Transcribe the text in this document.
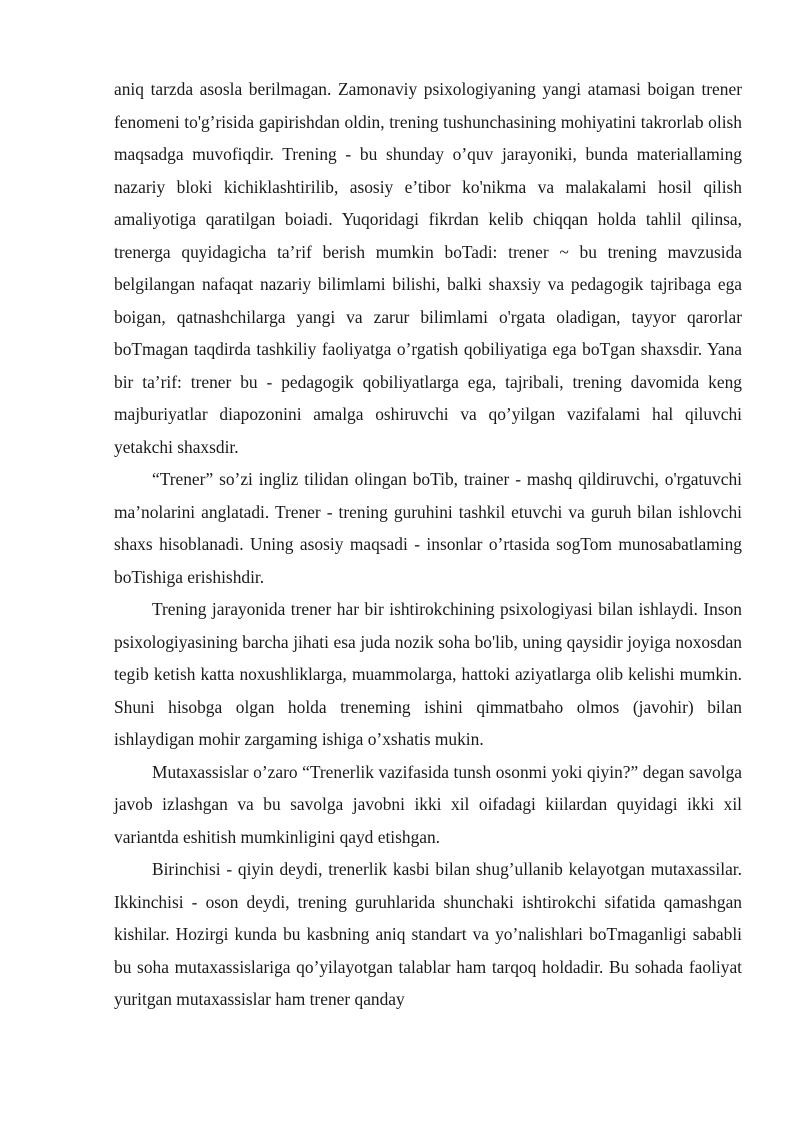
aniq tarzda asosla berilmagan. Zamonaviy psixologiyaning yangi atamasi boigan trener fenomeni to'g’risida gapirishdan oldin, trening tushunchasining mohiyatini takrorlab olish maqsadga muvofiqdir. Trening - bu shunday o’quv jarayoniki, bunda materiallaming nazariy bloki kichiklashtirilib, asosiy e’tibor ko'nikma va malakalami hosil qilish amaliyotiga qaratilgan boiadi. Yuqoridagi fikrdan kelib chiqqan holda tahlil qilinsa, trenerga quyidagicha ta’rif berish mumkin boTadi: trener ~ bu trening mavzusida belgilangan nafaqat nazariy bilimlami bilishi, balki shaxsiy va pedagogik tajribaga ega boigan, qatnashchilarga yangi va zarur bilimlami o'rgata oladigan, tayyor qarorlar boTmagan taqdirda tashkiliy faoliyatga o’rgatish qobiliyatiga ega boTgan shaxsdir. Yana bir ta’rif: trener bu - pedagogik qobiliyatlarga ega, tajribali, trening davomida keng majburiyatlar diapozonini amalga oshiruvchi va qo’yilgan vazifalami hal qiluvchi yetakchi shaxsdir.

“Trener” so’zi ingliz tilidan olingan boTib, trainer - mashq qildiruvchi, o'rgatuvchi ma’nolarini anglatadi. Trener - trening guruhini tashkil etuvchi va guruh bilan ishlovchi shaxs hisoblanadi. Uning asosiy maqsadi - insonlar o’rtasida sogTom munosabatlaming boTishiga erishishdir.

Trening jarayonida trener har bir ishtirokchining psixologiyasi bilan ishlaydi. Inson psixologiyasining barcha jihati esa juda nozik soha bo'lib, uning qaysidir joyiga noxosdan tegib ketish katta noxushliklarga, muammolarga, hattoki aziyatlarga olib kelishi mumkin. Shuni hisobga olgan holda treneming ishini qimmatbaho olmos (javohir) bilan ishlaydigan mohir zargaming ishiga o’xshatis mukin.

Mutaxassislar o’zaro “Trenerlik vazifasida tunsh osonmi yoki qiyin?” degan savolga javob izlashgan va bu savolga javobni ikki xil oifadagi kiilardan quyidagi ikki xil variantda eshitish mumkinligini qayd etishgan.

Birinchisi - qiyin deydi, trenerlik kasbi bilan shug’ullanib kelayotgan mutaxassilar. Ikkinchisi - oson deydi, trening guruhlarida shunchaki ishtirokchi sifatida qamashgan kishilar. Hozirgi kunda bu kasbning aniq standart va yo’nalishlari boTmaganligi sababli bu soha mutaxassislariga qo’yilayotgan talablar ham tarqoq holdadir. Bu sohada faoliyat yuritgan mutaxassislar ham trener qanday
